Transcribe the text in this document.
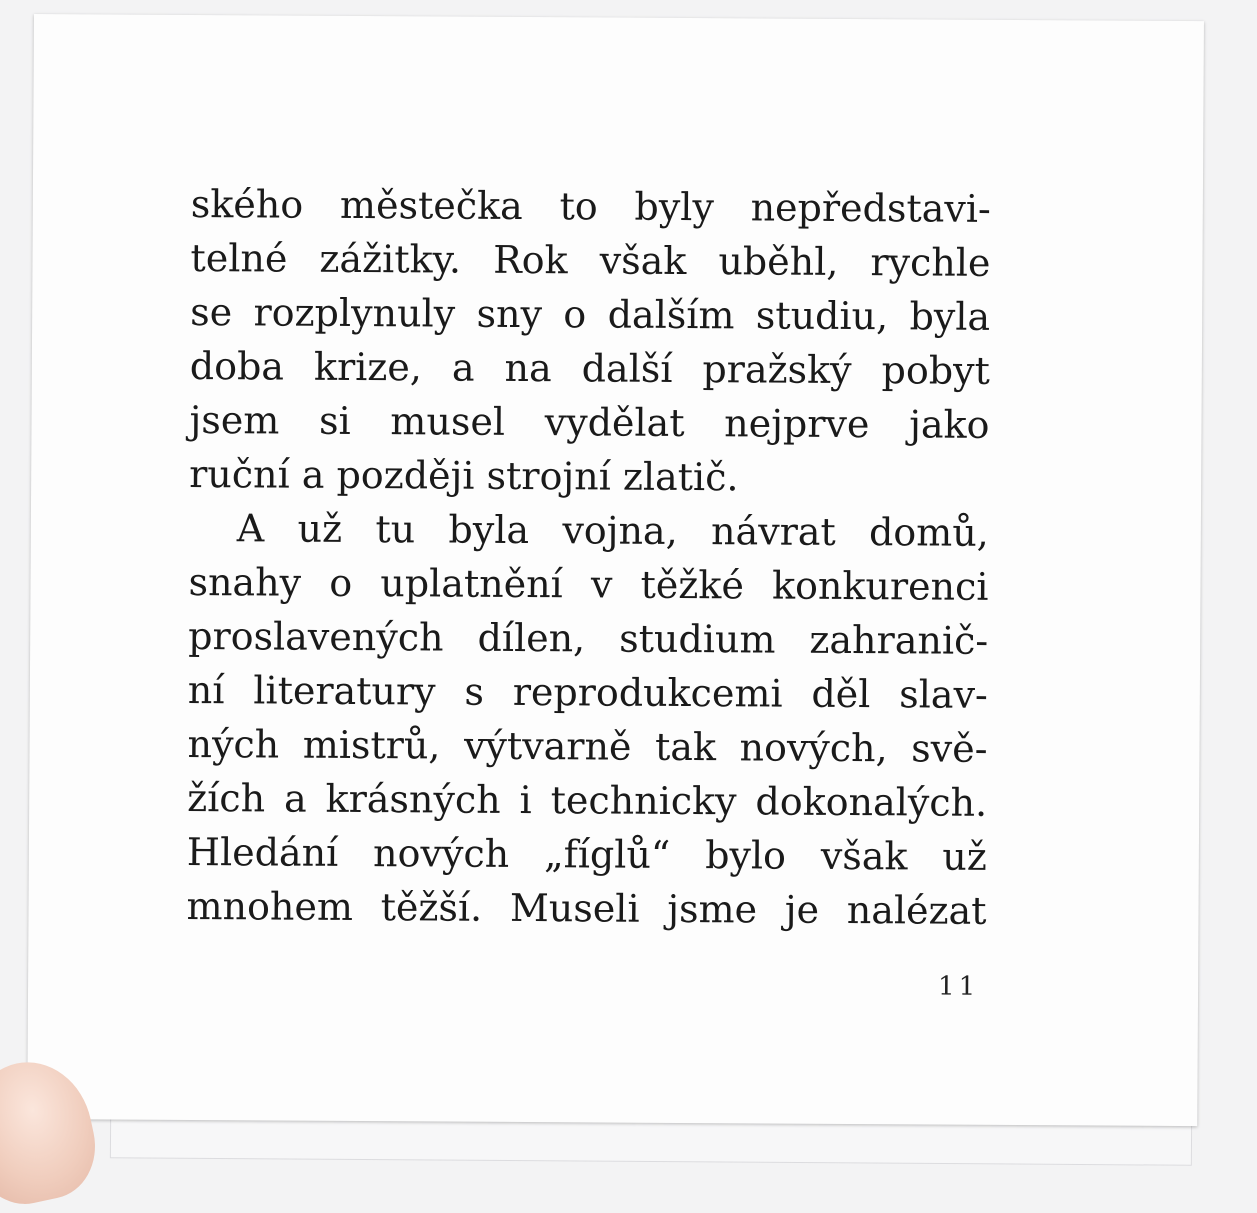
ského městečka to byly nepředstavi-
telné zážitky. Rok však uběhl, rychle
se rozplynuly sny o dalším studiu, byla
doba krize, a na další pražský pobyt
jsem si musel vydělat nejprve jako
ruční a později strojní zlatič.
A už tu byla vojna, návrat domů,
snahy o uplatnění v těžké konkurenci
proslavených dílen, studium zahranič-
ní literatury s reprodukcemi děl slav-
ných mistrů, výtvarně tak nových, svě-
žích a krásných i technicky dokonalých.
Hledání nových „fíglů“ bylo však už
mnohem těžší. Museli jsme je nalézat
11
